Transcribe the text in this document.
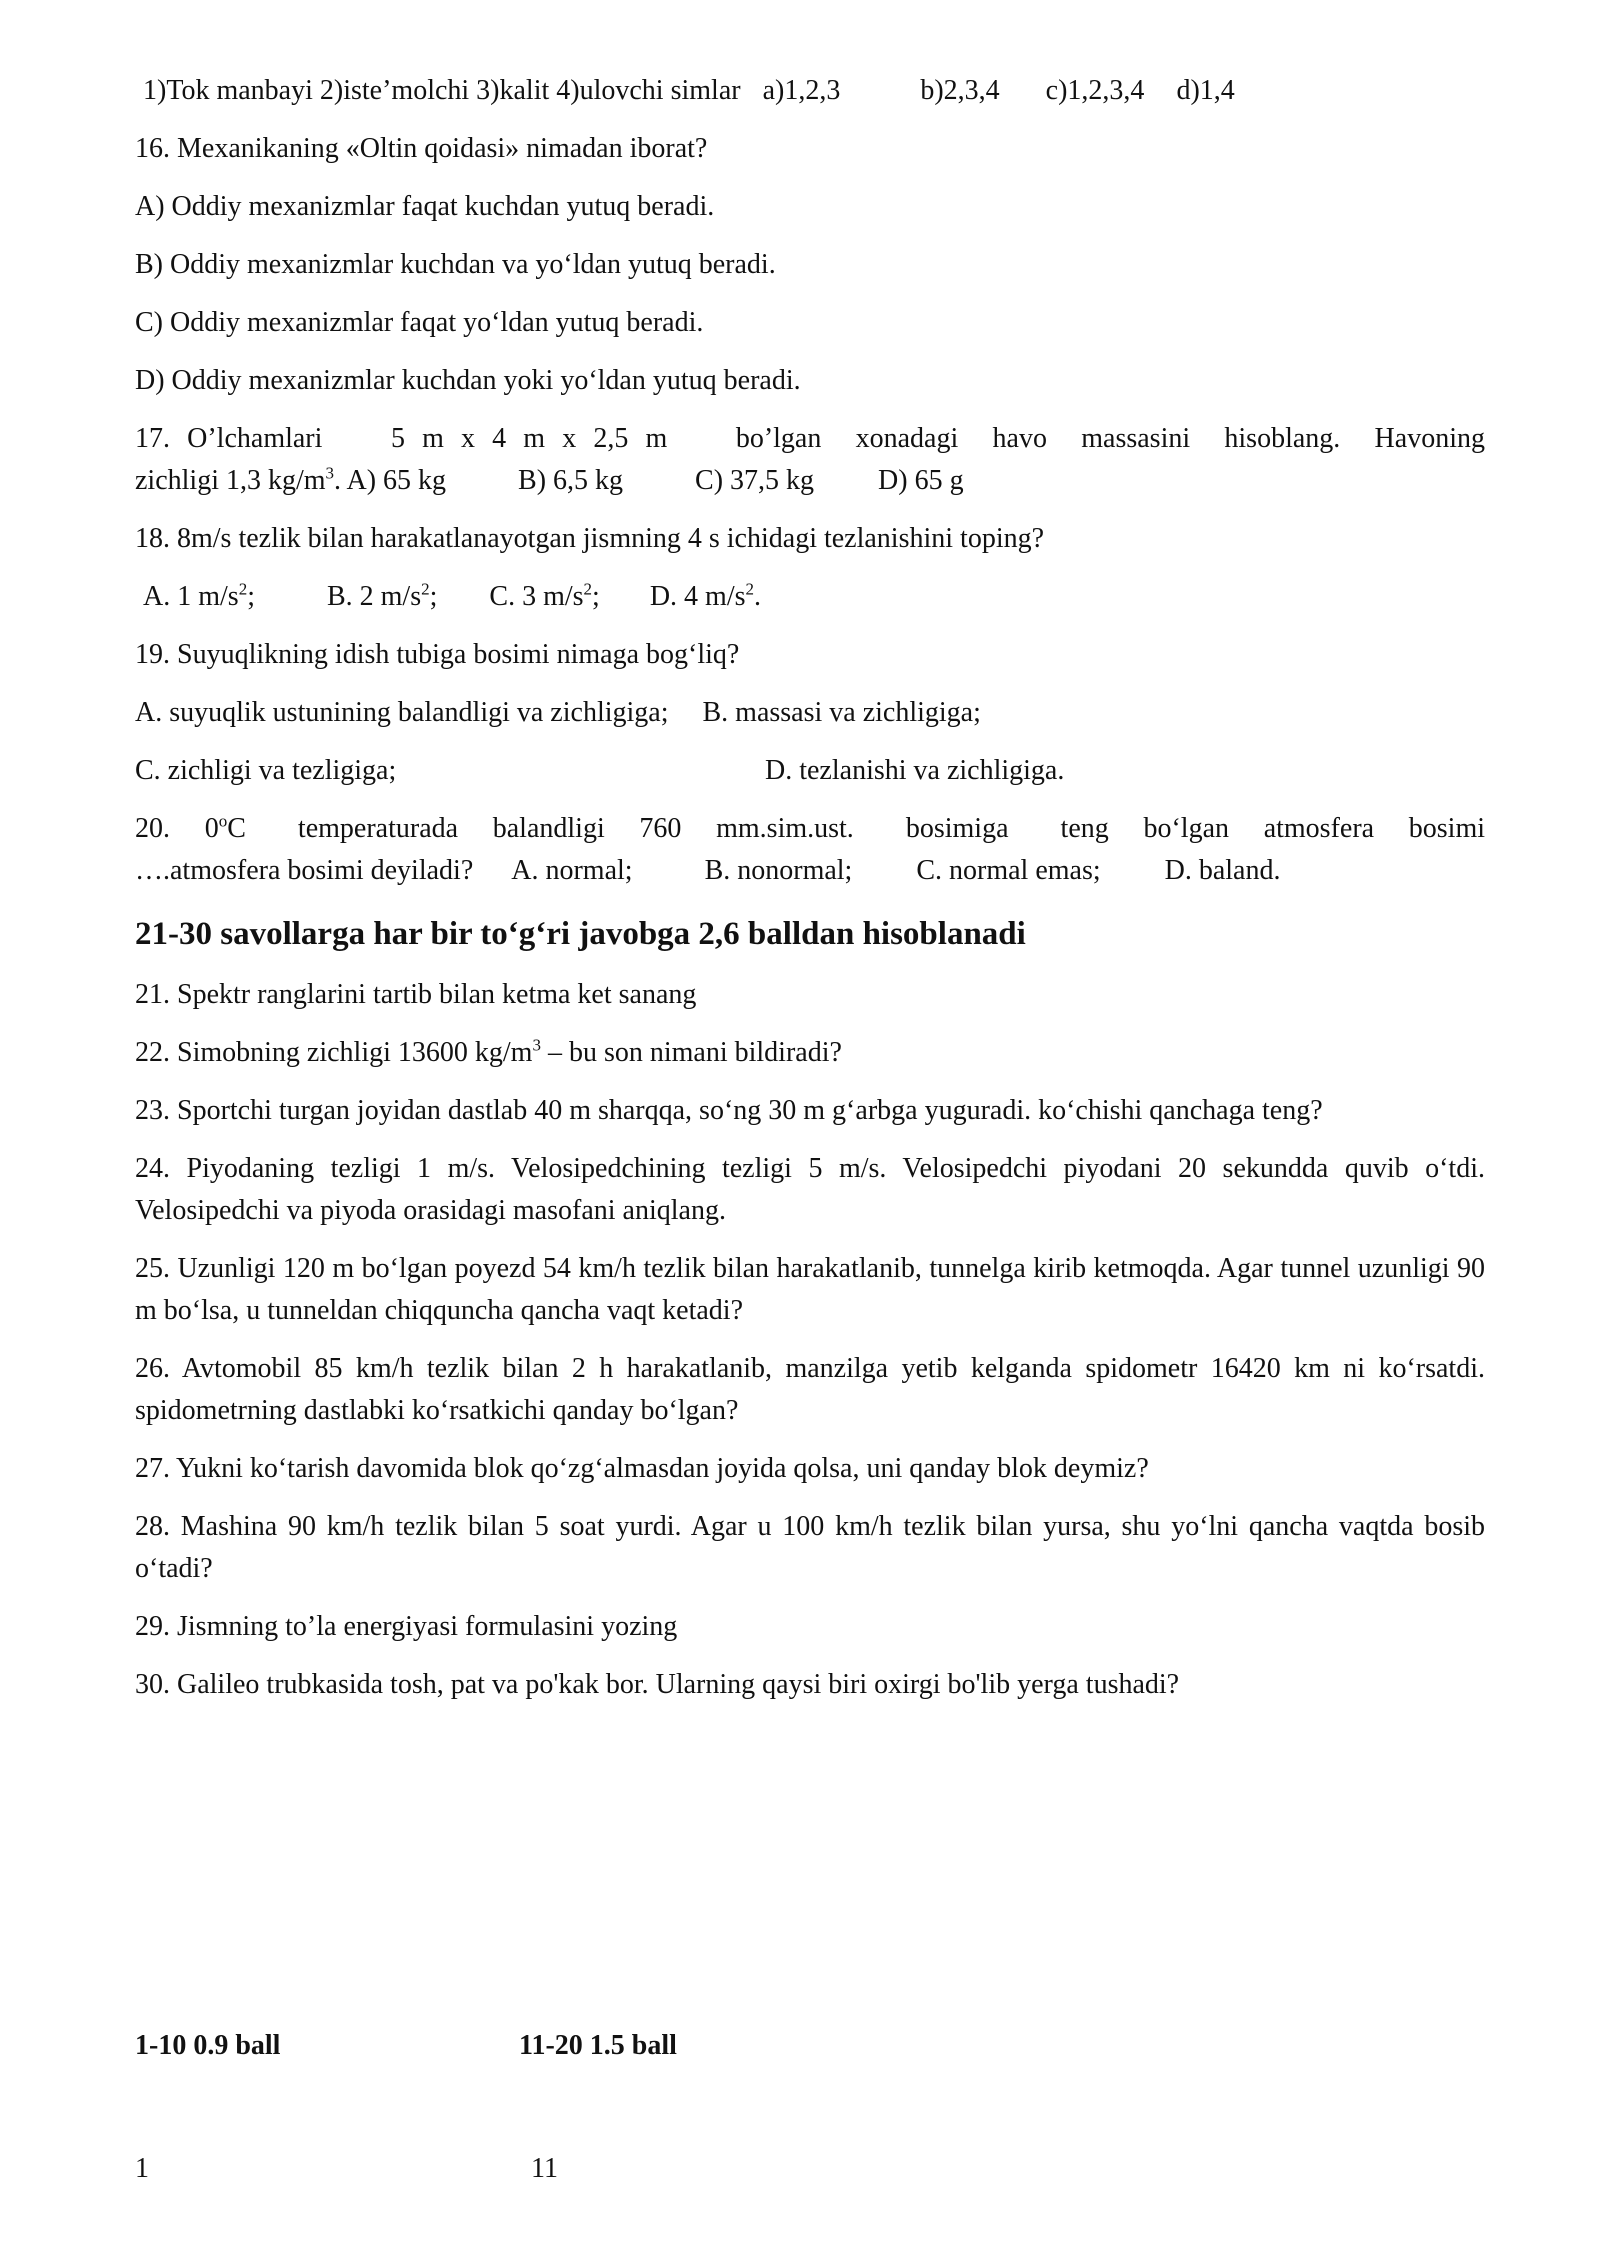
1)Tok manbayi 2)iste’molchi 3)kalit 4)ulovchi simlar a)1,2,3	b)2,3,4 c)1,2,3,4 d)1,4

16. Mexanikaning «Oltin qoidasi» nimadan iborat?

A) Oddiy mexanizmlar faqat kuchdan yutuq beradi.

B) Oddiy mexanizmlar kuchdan va yo‘ldan yutuq beradi.

C) Oddiy mexanizmlar faqat yo‘ldan yutuq beradi.

D) Oddiy mexanizmlar kuchdan yoki yo‘ldan yutuq beradi.

17. O’lchamlari    5 m x 4 m x 2,5 m    bo’lgan  xonadagi  havo  massasini  hisoblang.  Havoning

zichligi 1,3 $kg/m^3$. A) 65 kg	B) 6,5 kg	C) 37,5 kg D) 65 g

18. 8m/s tezlik bilan harakatlanayotgan jismning 4 s ichidagi tezlanishini toping?

A. 1 $m/s^2$;	B. 2 $m/s^2$; C. 3 $m/s^2$; D. 4 $m/s^2$.

19. Suyuqlikning idish tubiga bosimi nimaga bog‘liq?

A. suyuqlik ustunining balandligi va zichligiga; B. massasi va zichligiga;

C. zichligi va tezligiga;	D. tezlanishi va zichligiga.

20.  0$^o$C   temperaturada  balandligi  760  mm.sim.ust.   bosimiga   teng  bo‘lgan  atmosfera  bosimi

….atmosfera bosimi deyiladi? A. normal;	B. nonormal; C. normal emas; D. baland.

21-30 savollarga har bir to‘g‘ri javobga 2,6 balldan hisoblanadi

21. Spektr ranglarini tartib bilan ketma ket sanang

22. Simobning zichligi 13600 $kg/m^3$ – bu son nimani bildiradi?

23. Sportchi turgan joyidan dastlab 40 m sharqqa, so‘ng 30 m g‘arbga yuguradi. ko‘chishi qanchaga teng?

24. Piyodaning tezligi 1 m/s. Velosipedchining tezligi 5 m/s. Velosipedchi piyodani 20 sekundda quvib o‘tdi. Velosipedchi va piyoda orasidagi masofani aniqlang.

25. Uzunligi 120 m bo‘lgan poyezd 54 km/h tezlik bilan harakatlanib, tunnelga kirib ketmoqda. Agar tunnel uzunligi 90 m bo‘lsa, u tunneldan chiqquncha qancha vaqt ketadi?

26. Avtomobil 85 km/h tezlik bilan 2 h harakatlanib, manzilga yetib kelganda spidometr 16420 km ni ko‘rsatdi. spidometrning dastlabki ko‘rsatkichi qanday bo‘lgan?

27. Yukni ko‘tarish davomida blok qo‘zg‘almasdan joyida qolsa, uni qanday blok deymiz?

28. Mashina 90 km/h tezlik bilan 5 soat yurdi. Agar u 100 km/h tezlik bilan yursa, shu yo‘lni qancha vaqtda bosib o‘tadi?

29. Jismning to’la energiyasi formulasini yozing

30. Galileo trubkasida tosh, pat va po'kak bor. Ularning qaysi biri oxirgi bo'lib yerga tushadi?

1-10 0.9 ball	11-20 1.5 ball
1	11
